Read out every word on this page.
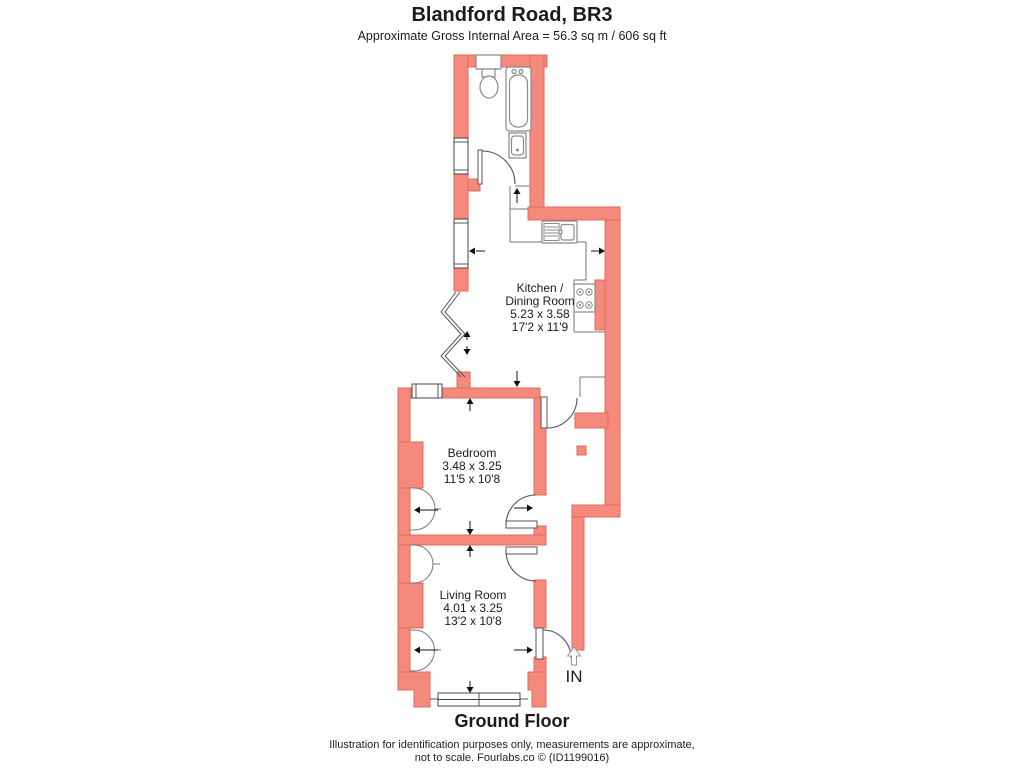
Blandford Road, BR3
Approximate Gross Internal Area = 56.3 sq m / 606 sq ft
IN
Kitchen /
Dining Room
5.23 x 3.58
17'2 x 11'9
Bedroom
3.48 x 3.25
11'5 x 10'8
Living Room
4.01 x 3.25
13'2 x 10'8
Ground Floor
Illustration for identification purposes only, measurements are approximate,
not to scale. Fourlabs.co © (ID1199016)
